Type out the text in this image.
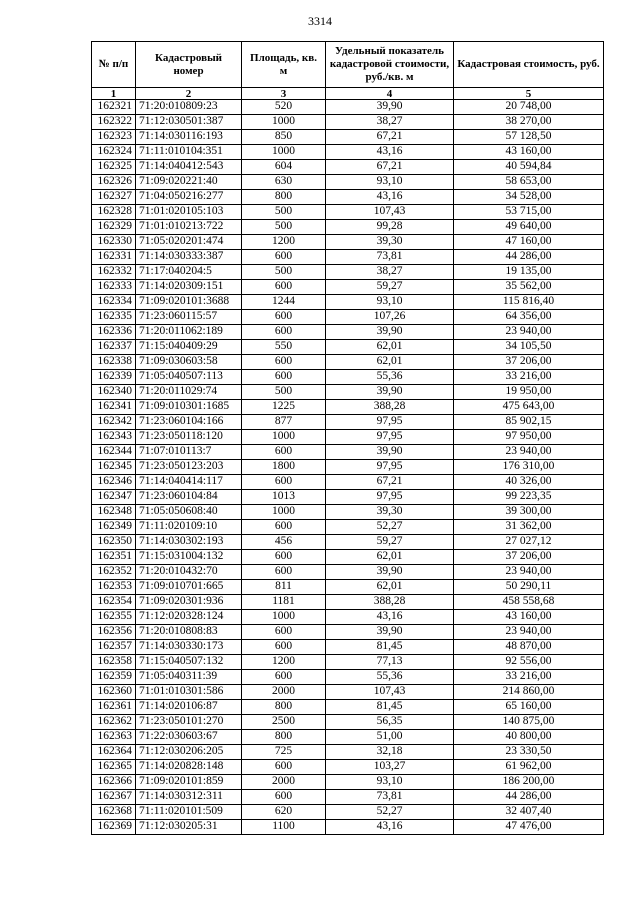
3314
№ п/п	Кадастровый номер	Площадь, кв. м	Удельный показатель кадастровой стоимости, руб./кв. м	Кадастровая стоимость, руб.
1	2	3	4	5
162321	71:20:010809:23	520	39,90	20 748,00
162322	71:12:030501:387	1000	38,27	38 270,00
162323	71:14:030116:193	850	67,21	57 128,50
162324	71:11:010104:351	1000	43,16	43 160,00
162325	71:14:040412:543	604	67,21	40 594,84
162326	71:09:020221:40	630	93,10	58 653,00
162327	71:04:050216:277	800	43,16	34 528,00
162328	71:01:020105:103	500	107,43	53 715,00
162329	71:01:010213:722	500	99,28	49 640,00
162330	71:05:020201:474	1200	39,30	47 160,00
162331	71:14:030333:387	600	73,81	44 286,00
162332	71:17:040204:5	500	38,27	19 135,00
162333	71:14:020309:151	600	59,27	35 562,00
162334	71:09:020101:3688	1244	93,10	115 816,40
162335	71:23:060115:57	600	107,26	64 356,00
162336	71:20:011062:189	600	39,90	23 940,00
162337	71:15:040409:29	550	62,01	34 105,50
162338	71:09:030603:58	600	62,01	37 206,00
162339	71:05:040507:113	600	55,36	33 216,00
162340	71:20:011029:74	500	39,90	19 950,00
162341	71:09:010301:1685	1225	388,28	475 643,00
162342	71:23:060104:166	877	97,95	85 902,15
162343	71:23:050118:120	1000	97,95	97 950,00
162344	71:07:010113:7	600	39,90	23 940,00
162345	71:23:050123:203	1800	97,95	176 310,00
162346	71:14:040414:117	600	67,21	40 326,00
162347	71:23:060104:84	1013	97,95	99 223,35
162348	71:05:050608:40	1000	39,30	39 300,00
162349	71:11:020109:10	600	52,27	31 362,00
162350	71:14:030302:193	456	59,27	27 027,12
162351	71:15:031004:132	600	62,01	37 206,00
162352	71:20:010432:70	600	39,90	23 940,00
162353	71:09:010701:665	811	62,01	50 290,11
162354	71:09:020301:936	1181	388,28	458 558,68
162355	71:12:020328:124	1000	43,16	43 160,00
162356	71:20:010808:83	600	39,90	23 940,00
162357	71:14:030330:173	600	81,45	48 870,00
162358	71:15:040507:132	1200	77,13	92 556,00
162359	71:05:040311:39	600	55,36	33 216,00
162360	71:01:010301:586	2000	107,43	214 860,00
162361	71:14:020106:87	800	81,45	65 160,00
162362	71:23:050101:270	2500	56,35	140 875,00
162363	71:22:030603:67	800	51,00	40 800,00
162364	71:12:030206:205	725	32,18	23 330,50
162365	71:14:020828:148	600	103,27	61 962,00
162366	71:09:020101:859	2000	93,10	186 200,00
162367	71:14:030312:311	600	73,81	44 286,00
162368	71:11:020101:509	620	52,27	32 407,40
162369	71:12:030205:31	1100	43,16	47 476,00
